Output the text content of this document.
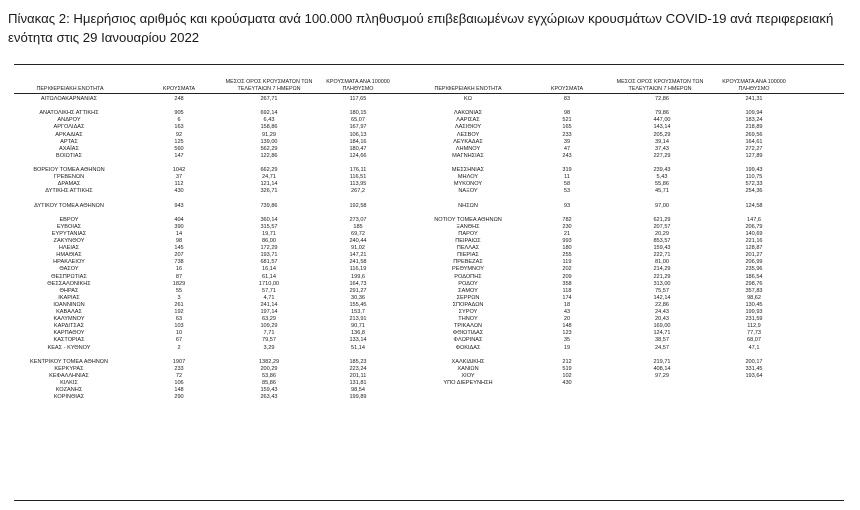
Πίνακας 2: Ημερήσιος αριθμός και κρούσματα ανά 100.000 πληθυσμού επιβεβαιωμένων εγχώριων κρουσμάτων COVID-19 ανά περιφερειακή ενότητα στις 29 Ιανουαρίου 2022
ΠΕΡΙΦΕΡΕΙΑΚΗ ΕΝΟΤΗΤΑ	ΚΡΟΥΣΜΑΤΑ
ΜΕΣΟΣ ΟΡΟΣ ΚΡΟΥΣΜΑΤΩΝ ΤΩΝ ΤΕΛΕΥΤΑΙΩΝ 7 ΗΜΕΡΩΝ
ΚΡΟΥΣΜΑΤΑ ΑΝΑ 100000 ΠΛΗΘΥΣΜΟ	ΠΕΡΙΦΕΡΕΙΑΚΗ ΕΝΟΤΗΤΑ	ΚΡΟΥΣΜΑΤΑ
ΜΕΣΟΣ ΟΡΟΣ ΚΡΟΥΣΜΑΤΩΝ ΤΩΝ ΤΕΛΕΥΤΑΙΩΝ 7 ΗΜΕΡΩΝ
ΚΡΟΥΣΜΑΤΑ ΑΝΑ 100000 ΠΛΗΘΥΣΜΟ
ΑΙΤΩΛΟΑΚΑΡΝΑΝΙΑΣ	248	267,71	117,65
ΑΝΑΤΟΛΙΚΗΣ ΑΤΤΙΚΗΣ	905	692,14	180,15
ΑΝΔΡΟΥ	6	6,43	65,07
ΑΡΓΟΛΙΔΑΣ	163	158,86	167,97
ΑΡΚΑΔΙΑΣ	92	91,29	106,13
ΑΡΤΑΣ	125	139,00	184,16
ΑΧΑΪΑΣ	560	562,29	180,47
ΒΟΙΩΤΙΑΣ	147	122,86	124,66
ΒΟΡΕΙΟΥ ΤΟΜΕΑ ΑΘΗΝΩΝ	1042	662,29	176,11
ΓΡΕΒΕΝΩΝ	37	24,71	116,51
ΔΡΑΜΑΣ	112	121,14	113,95
ΔΥΤΙΚΗΣ ΑΤΤΙΚΗΣ	430	326,71	267,2
ΔΥΤΙΚΟΥ ΤΟΜΕΑ ΑΘΗΝΩΝ	943	739,86	192,58
ΕΒΡΟΥ	404	360,14	273,07
ΕΥΒΟΙΑΣ	390	315,57	185
ΕΥΡΥΤΑΝΙΑΣ	14	19,71	69,72
ΖΑΚΥΝΘΟΥ	98	86,00	240,44
ΗΛΕΙΑΣ	145	172,29	91,02
ΗΜΑΘΙΑΣ	207	193,71	147,21
ΗΡΑΚΛΕΙΟΥ	738	681,57	241,58
ΘΑΣΟΥ	16	16,14	116,19
ΘΕΣΠΡΩΤΙΑΣ	87	61,14	199,6
ΘΕΣΣΑΛΟΝΙΚΗΣ	1829	1710,00	164,73
ΘΗΡΑΣ	55	57,71	291,27
ΙΚΑΡΙΑΣ	3	4,71	30,36
ΙΩΑΝΝΙΝΩΝ	261	241,14	155,45
ΚΑΒΑΛΑΣ	192	197,14	153,7
ΚΑΛΥΜΝΟΥ	63	63,29	213,91
ΚΑΡΔΙΤΣΑΣ	103	109,29	90,71
ΚΑΡΠΑΘΟΥ	10	7,71	136,8
ΚΑΣΤΟΡΙΑΣ	67	79,57	133,14
ΚΕΑΣ - ΚΥΘΝΟΥ	2	3,29	51,14
ΚΕΝΤΡΙΚΟΥ ΤΟΜΕΑ ΑΘΗΝΩΝ	1907	1382,29	185,23
ΚΕΡΚΥΡΑΣ	233	200,29	223,24
ΚΕΦΑΛΛΗΝΙΑΣ	72	53,86	201,11
ΚΙΛΚΙΣ	106	85,86	131,81
ΚΟΖΑΝΗΣ	148	159,43	98,54
ΚΟΡΙΝΘΙΑΣ	290	263,43	199,89
ΚΩ	83	72,86	241,31
ΛΑΚΩΝΙΑΣ	98	79,86	109,94
ΛΑΡΙΣΑΣ	521	447,00	183,24
ΛΑΣΙΘΙΟΥ	165	143,14	218,89
ΛΕΣΒΟΥ	233	205,29	269,56
ΛΕΥΚΑΔΑΣ	39	39,14	164,61
ΛΗΜΝΟΥ	47	37,43	272,27
ΜΑΓΝΗΣΙΑΣ	243	227,29	127,89
ΜΕΣΣΗΝΙΑΣ	319	239,43	199,43
ΜΗΛΟΥ	11	5,43	110,75
ΜΥΚΟΝΟΥ	58	55,86	572,33
ΝΑΞΟΥ	53	45,71	254,36
ΝΗΣΩΝ	93	97,00	124,58
ΝΟΤΙΟΥ ΤΟΜΕΑ ΑΘΗΝΩΝ	782	621,29	147,6
ΞΑΝΘΗΣ	230	207,57	206,79
ΠΑΡΟΥ	21	20,29	140,69
ΠΕΙΡΑΙΩΣ	993	853,57	221,16
ΠΕΛΛΑΣ	180	159,43	128,87
ΠΙΕΡΙΑΣ	255	222,71	201,27
ΠΡΕΒΕΖΑΣ	119	81,00	206,99
ΡΕΘΥΜΝΟΥ	202	214,29	235,96
ΡΟΔΟΠΗΣ	209	221,29	186,54
ΡΟΔΟΥ	358	313,00	298,76
ΣΑΜΟΥ	118	75,57	357,83
ΣΕΡΡΩΝ	174	142,14	98,62
ΣΠΟΡΑΔΩΝ	18	22,86	130,45
ΣΥΡΟΥ	43	24,43	199,93
ΤΗΝΟΥ	20	20,43	231,59
ΤΡΙΚΑΛΩΝ	148	169,00	112,9
ΦΘΙΩΤΙΔΑΣ	123	124,71	77,73
ΦΛΩΡΙΝΑΣ	35	38,57	68,07
ΦΩΚΙΔΑΣ	19	24,57	47,1
ΧΑΛΚΙΔΙΚΗΣ	212	219,71	200,17
ΧΑΝΙΩΝ	519	408,14	331,45
ΧΙΟΥ	102	97,29	193,64
ΥΠΟ ΔΙΕΡΕΥΝΗΣΗ	430
